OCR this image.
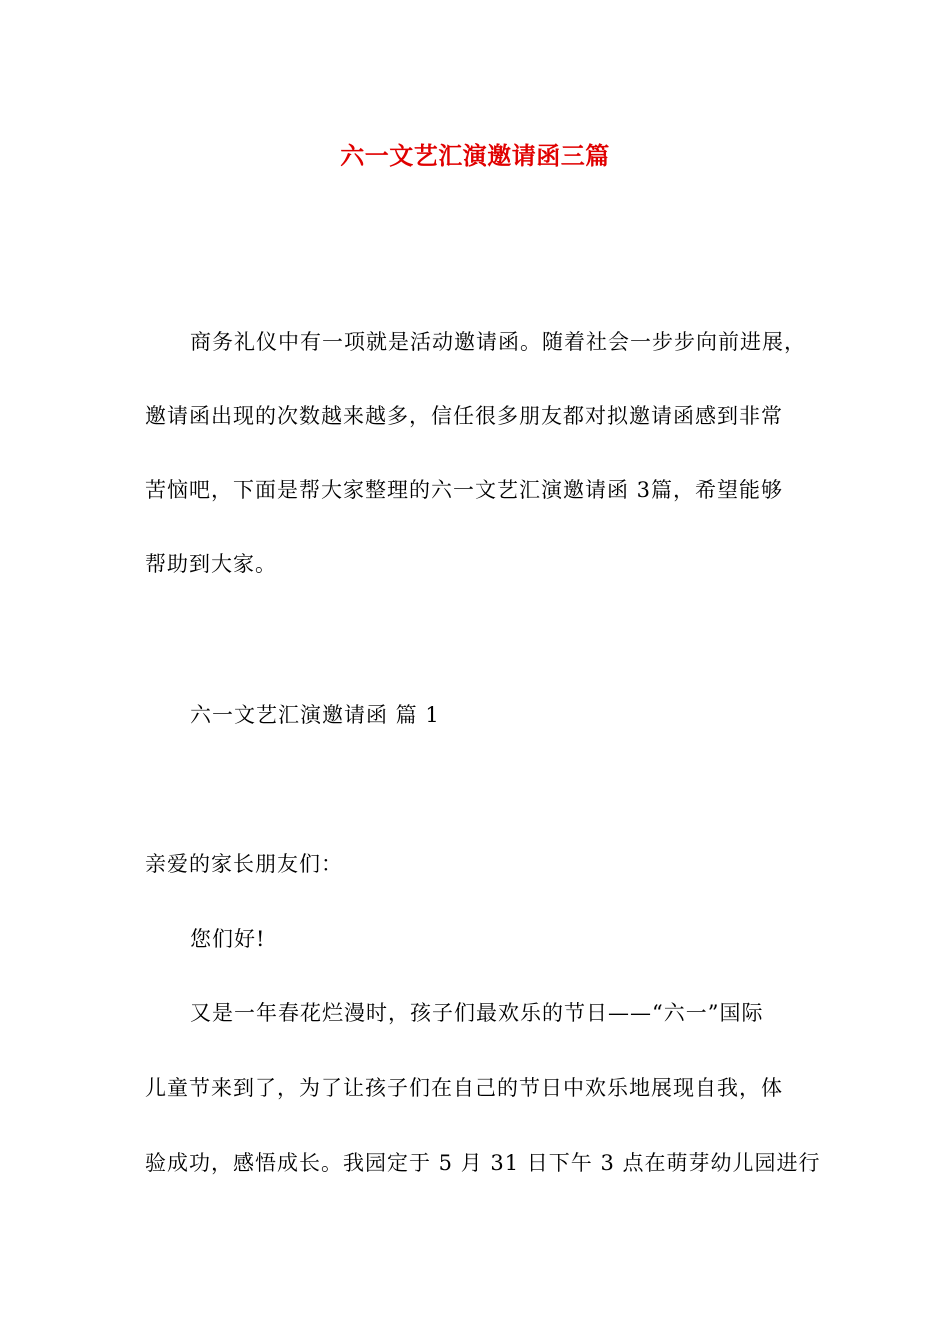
六一文艺汇演邀请函三篇
商务礼仪中有一项就是活动邀请函。随着社会一步步向前进展，
邀请函出现的次数越来越多，信任很多朋友都对拟邀请函感到非常
苦恼吧，下面是帮大家整理的六一文艺汇演邀请函 3篇，希望能够
帮助到大家。
六一文艺汇演邀请函 篇 1
亲爱的家长朋友们：
您们好!
又是一年春花烂漫时，孩子们最欢乐的节日——“六一”国际
儿童节来到了，为了让孩子们在自己的节日中欢乐地展现自我，体
验成功，感悟成长。我园定于 5 月 31 日下午 3 点在萌芽幼儿园进行
